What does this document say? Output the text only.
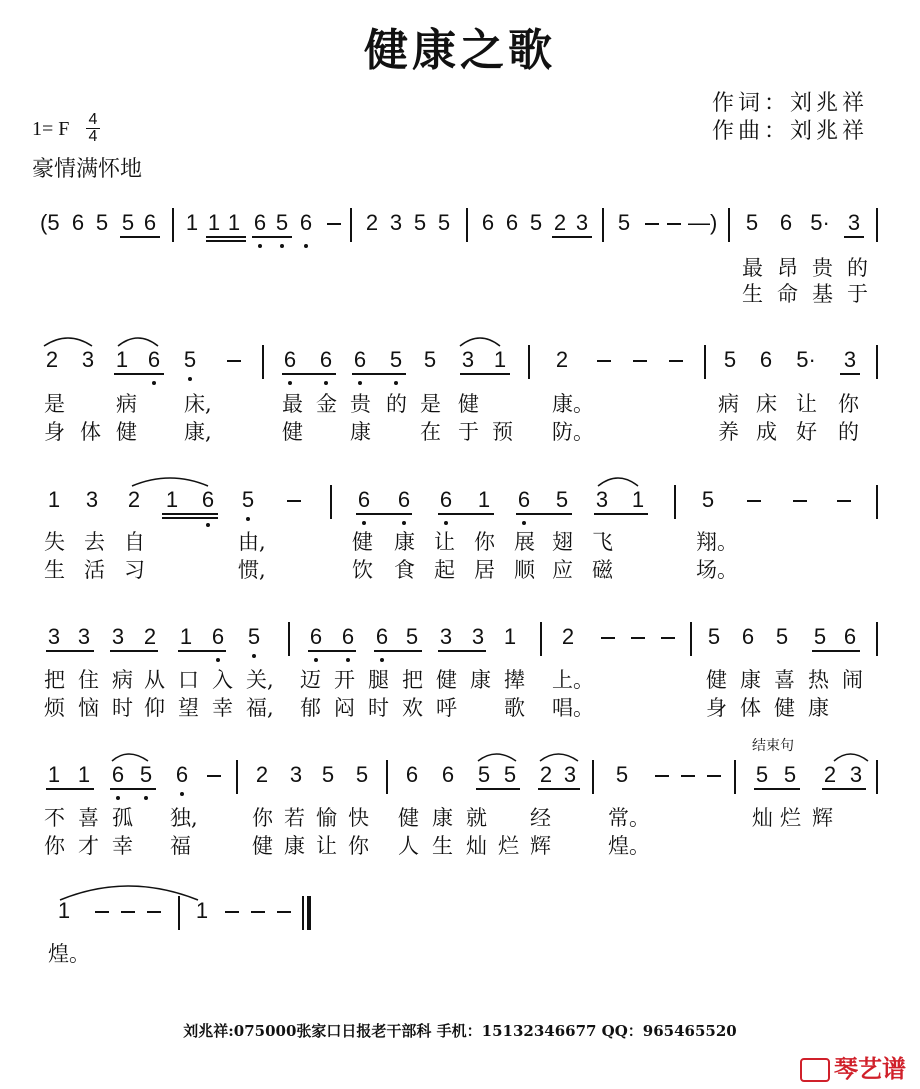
健康之歌
作词：刘兆祥
作曲：刘兆祥
1= F 4
4
豪情满怀地
(5 6 5 5 6 1 1 1 6 5 6 2 3 5 5 6 6 5 2 3 5	—) 5 6 5· 3
最昂贵的
生命基于
2 3 1 6 5	6 6 6 5 5 3 1 2	5 6 5· 3
是 病 床,	最 金 贵 的 是 健	康。	病 床 让 你
身 体 健 康,	健 康 在 于 预 防。	养 成 好 的
1 3 2 1 6 5	6 6 6 1 6 5 3 1	5
失 去 自	由,	健 康 让 你 展 翅 飞	翔。
生 活 习	惯,	饮 食 起 居 顺 应 磁	场。
3 3 3 2 1 6 5 6 6 6 5 3 3 1 2	5 6 5 5 6
把 住 病 从 口 入 关, 迈 开 腿 把 健 康 撵 上。	健 康 喜 热 闹
烦 恼 时 仰 望 幸 福, 郁 闷 时 欢 呼 歌 唱。	身 体 健 康
结束句
1 1 6 5 6	2 3 5 5 6 6 5 5 2 3 5	5 5 2 3
不 喜 孤 独,	你 若 愉 快 健 康 就 经	常。	灿 烂 辉
你 才 幸 福	健 康 让 你 人 生 灿 烂 辉	煌。
1	1
煌。
刘兆祥:075000张家口日报老干部科 手机：15132346677 QQ：965465520
琴艺谱
